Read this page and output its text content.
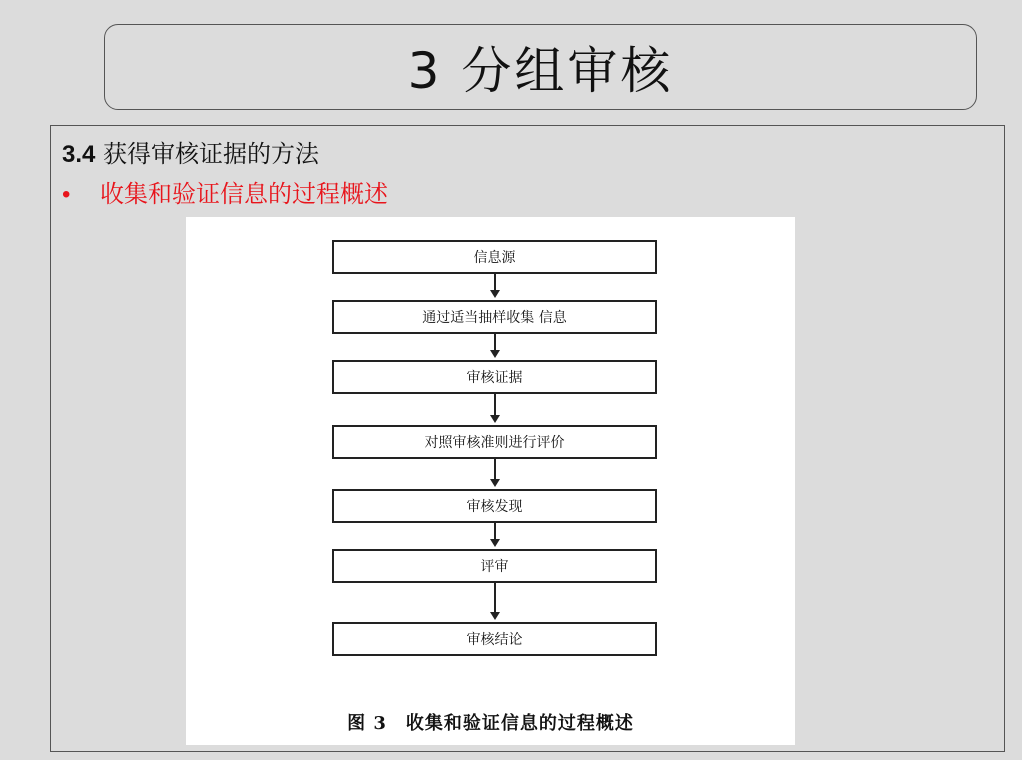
3 分组审核
3.4 获得审核证据的方法
• 收集和验证信息的过程概述
信息源
通过适当抽样收集 信息
审核证据
对照审核准则进行评价
审核发现
评审
审核结论
图 3　收集和验证信息的过程概述
